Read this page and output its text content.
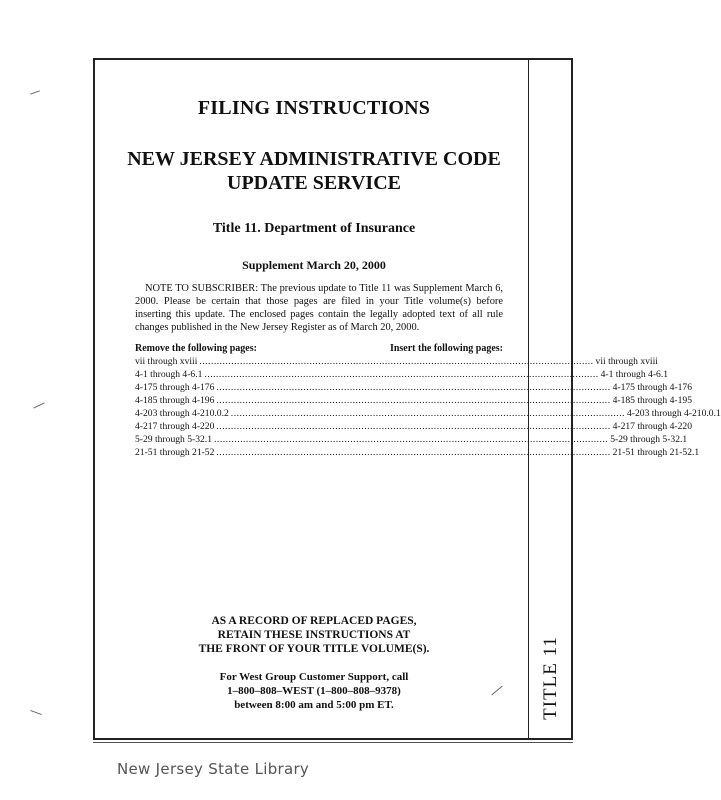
TITLE 11
FILING INSTRUCTIONS
NEW JERSEY ADMINISTRATIVE CODE
UPDATE SERVICE
Title 11. Department of Insurance
Supplement March 20, 2000
NOTE TO SUBSCRIBER: The previous update to Title 11 was Supplement March 6, 2000. Please be certain that those pages are filed in your Title volume(s) before inserting this update. The enclosed pages contain the legally adopted text of all rule changes published in the New Jersey Register as of March 20, 2000.
Remove the following pages:	Insert the following pages:
vii through xviii ........................................................................................................................................ vii through xviii
4-1 through 4-6.1 ........................................................................................................................................ 4-1 through 4-6.1
4-175 through 4-176 ........................................................................................................................................ 4-175 through 4-176
4-185 through 4-196 ........................................................................................................................................ 4-185 through 4-195
4-203 through 4-210.0.2 ........................................................................................................................................ 4-203 through 4-210.0.1
4-217 through 4-220 ........................................................................................................................................ 4-217 through 4-220
5-29 through 5-32.1 ........................................................................................................................................ 5-29 through 5-32.1
21-51 through 21-52 ........................................................................................................................................ 21-51 through 21-52.1
AS A RECORD OF REPLACED PAGES,
RETAIN THESE INSTRUCTIONS AT
THE FRONT OF YOUR TITLE VOLUME(S).
For West Group Customer Support, call
1–800–808–WEST (1–800–808–9378)
between 8:00 am and 5:00 pm ET.
New Jersey State Library
